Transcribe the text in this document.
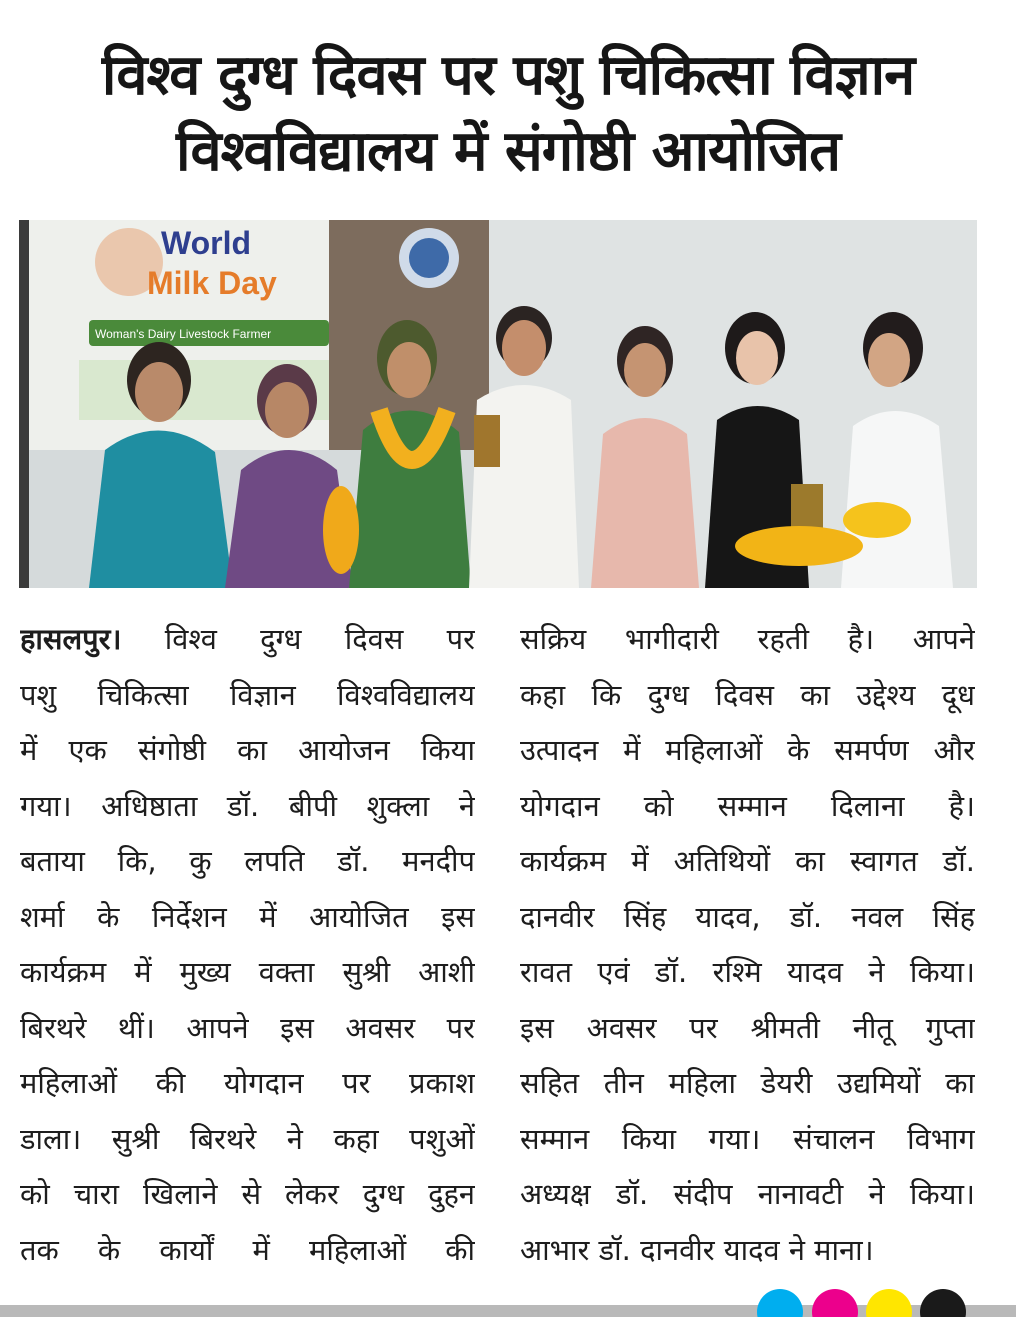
विश्व दुग्ध दिवस पर पशु चिकित्सा विज्ञान
विश्वविद्यालय में संगोष्ठी आयोजित
World
Milk Day
Woman's Dairy Livestock Farmer
हासलपुर। विश्व दुग्ध दिवस पर
पशु चिकित्सा विज्ञान विश्वविद्यालय
में एक संगोष्ठी का आयोजन किया
गया। अधिष्ठाता डॉ. बीपी शुक्ला ने
बताया कि, कु लपति डॉ. मनदीप
शर्मा के निर्देशन में आयोजित इस
कार्यक्रम में मुख्य वक्ता सुश्री आशी
बिरथरे थीं। आपने इस अवसर पर
महिलाओं की योगदान पर प्रकाश
डाला। सुश्री बिरथरे ने कहा पशुओं
को चारा खिलाने से लेकर दुग्ध दुहन
तक के कार्यों में महिलाओं की
सक्रिय भागीदारी रहती है। आपने
कहा कि दुग्ध दिवस का उद्देश्य दूध
उत्पादन में महिलाओं के समर्पण और
योगदान को सम्मान दिलाना है।
कार्यक्रम में अतिथियों का स्वागत डॉ.
दानवीर सिंह यादव, डॉ. नवल सिंह
रावत एवं डॉ. रश्मि यादव ने किया।
इस अवसर पर श्रीमती नीतू गुप्ता
सहित तीन महिला डेयरी उद्यमियों का
सम्मान किया गया। संचालन विभाग
अध्यक्ष डॉ. संदीप नानावटी ने किया।
आभार डॉ. दानवीर यादव ने माना।
